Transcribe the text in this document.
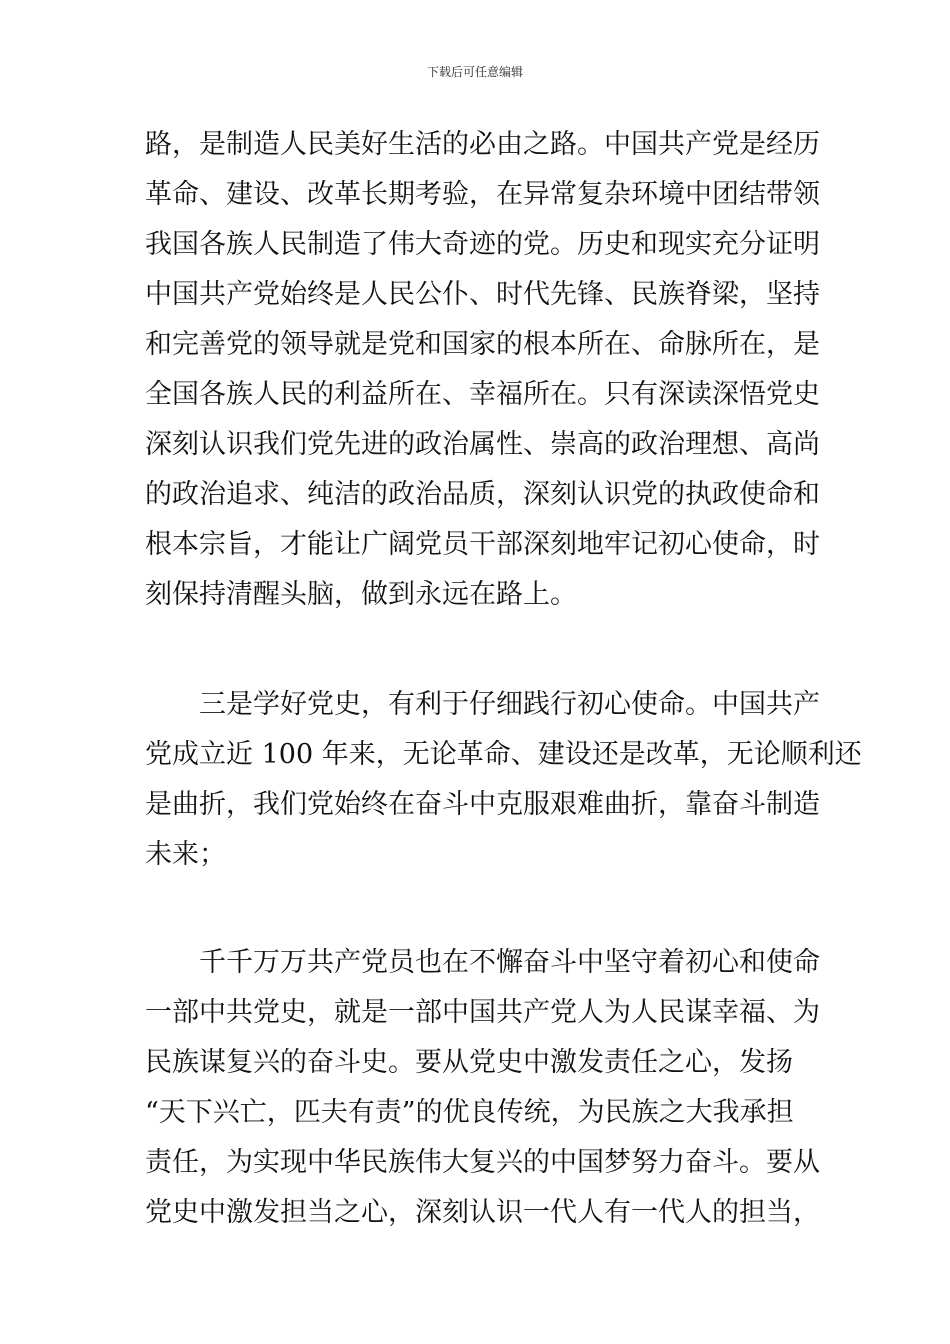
下载后可任意编辑
路，是制造人民美好生活的必由之路。中国共产党是经历
革命、建设、改革长期考验，在异常复杂环境中团结带领
我国各族人民制造了伟大奇迹的党。历史和现实充分证明
中国共产党始终是人民公仆、时代先锋、民族脊梁，坚持
和完善党的领导就是党和国家的根本所在、命脉所在，是
全国各族人民的利益所在、幸福所在。只有深读深悟党史
深刻认识我们党先进的政治属性、崇高的政治理想、高尚
的政治追求、纯洁的政治品质，深刻认识党的执政使命和
根本宗旨，才能让广阔党员干部深刻地牢记初心使命，时
刻保持清醒头脑，做到永远在路上。
　　三是学好党史，有利于仔细践行初心使命。中国共产
党成立近 100 年来，无论革命、建设还是改革，无论顺利还
是曲折，我们党始终在奋斗中克服艰难曲折，靠奋斗制造
未来；
　　千千万万共产党员也在不懈奋斗中坚守着初心和使命
一部中共党史，就是一部中国共产党人为人民谋幸福、为
民族谋复兴的奋斗史。要从党史中激发责任之心，发扬
“天下兴亡，匹夫有责”的优良传统，为民族之大我承担
责任，为实现中华民族伟大复兴的中国梦努力奋斗。要从
党史中激发担当之心，深刻认识一代人有一代人的担当，
